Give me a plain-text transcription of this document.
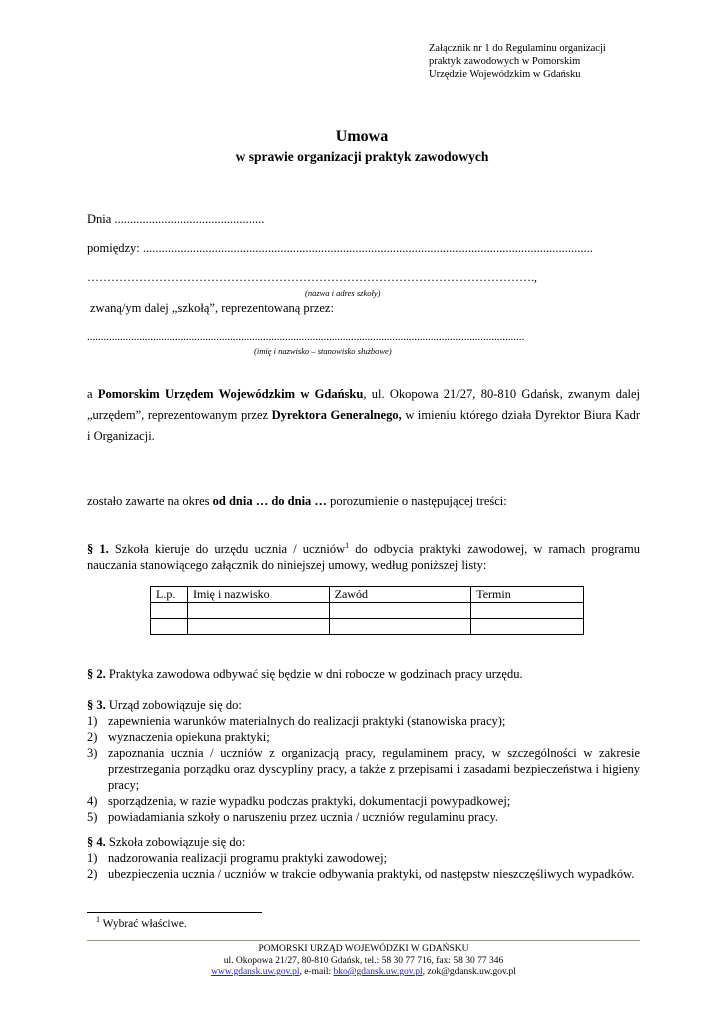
Załącznik nr 1 do Regulaminu organizacji
praktyk zawodowych w Pomorskim
Urzędzie Wojewódzkim w Gdańsku
Umowa
w sprawie organizacji praktyk zawodowych
Dnia ................................................
pomiędzy: ................................................................................................................................................
………………………………………………………………………………………………….,
(nazwa i adres szkoły)
zwaną/ym dalej „szkołą”, reprezentowaną przez:
...............................................................................................................................................................
(imię i nazwisko – stanowisko służbowe)
a Pomorskim Urzędem Wojewódzkim w Gdańsku, ul. Okopowa 21/27, 80-810 Gdańsk, zwanym dalej „urzędem”, reprezentowanym przez Dyrektora Generalnego, w imieniu którego działa Dyrektor Biura Kadr i Organizacji.
zostało zawarte na okres od dnia … do dnia … porozumienie o następującej treści:
§ 1. Szkoła kieruje do urzędu ucznia / uczniów$^1$ do odbycia praktyki zawodowej, w ramach programu nauczania stanowiącego załącznik do niniejszej umowy, według poniższej listy:
L.p.	Imię i nazwisko	Zawód	Termin

§ 2. Praktyka zawodowa odbywać się będzie w dni robocze w godzinach pracy urzędu.
§ 3. Urząd zobowiązuje się do:
1) zapewnienia warunków materialnych do realizacji praktyki (stanowiska pracy);
2) wyznaczenia opiekuna praktyki;
3) zapoznania ucznia / uczniów z organizacją pracy, regulaminem pracy, w szczególności w zakresie przestrzegania porządku oraz dyscypliny pracy, a także z przepisami i zasadami bezpieczeństwa i higieny pracy;
4) sporządzenia, w razie wypadku podczas praktyki, dokumentacji powypadkowej;
5) powiadamiania szkoły o naruszeniu przez ucznia / uczniów regulaminu pracy.
§ 4. Szkoła zobowiązuje się do:
1) nadzorowania realizacji programu praktyki zawodowej;
2) ubezpieczenia ucznia / uczniów w trakcie odbywania praktyki, od następstw nieszczęśliwych wypadków.
$^1$ Wybrać właściwe.
POMORSKI URZĄD WOJEWÓDZKI W GDAŃSKU
ul. Okopowa 21/27, 80-810 Gdańsk, tel.: 58 30 77 716, fax: 58 30 77 346
www.gdansk.uw.gov.pl, e-mail: bko@gdansk.uw.gov.pl, zok@gdansk.uw.gov.pl
